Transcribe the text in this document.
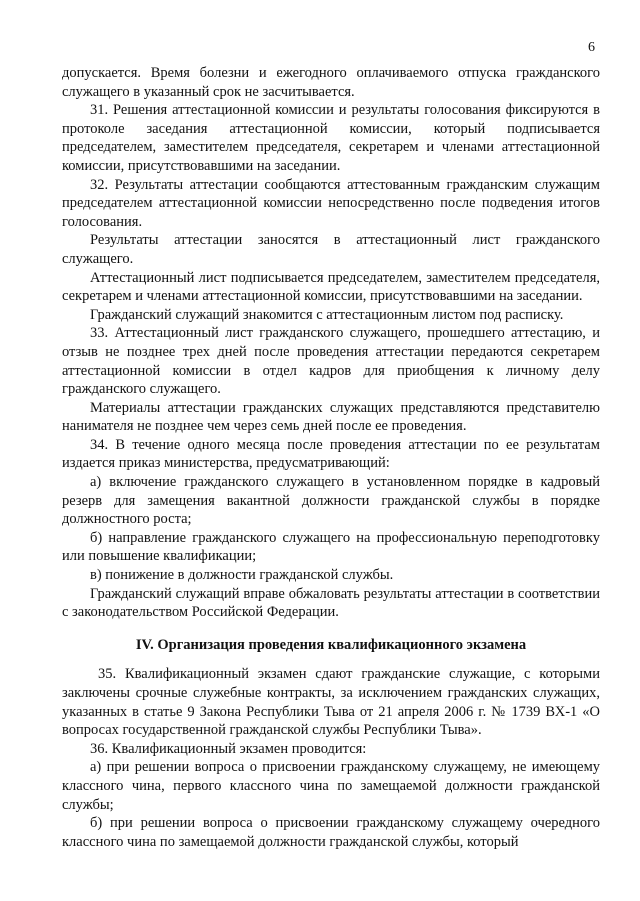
6

допускается. Время болезни и ежегодного оплачиваемого отпуска гражданского служащего в указанный срок не засчитывается.

31. Решения аттестационной комиссии и результаты голосования фиксируются в протоколе заседания аттестационной комиссии, который подписывается председателем, заместителем председателя, секретарем и членами аттестационной комиссии, присутствовавшими на заседании.

32. Результаты аттестации сообщаются аттестованным гражданским служащим председателем аттестационной комиссии непосредственно после подведения итогов голосования.

Результаты аттестации заносятся в аттестационный лист гражданского служащего.

Аттестационный лист подписывается председателем, заместителем председателя, секретарем и членами аттестационной комиссии, присутствовавшими на заседании.

Гражданский служащий знакомится с аттестационным листом под расписку.

33. Аттестационный лист гражданского служащего, прошедшего аттестацию, и отзыв не позднее трех дней после проведения аттестации передаются секретарем аттестационной комиссии в отдел кадров для приобщения к личному делу гражданского служащего.

Материалы аттестации гражданских служащих представляются представителю нанимателя не позднее чем через семь дней после ее проведения.

34. В течение одного месяца после проведения аттестации по ее результатам издается приказ министерства, предусматривающий:

а) включение гражданского служащего в установленном порядке в кадровый резерв для замещения вакантной должности гражданской службы в порядке должностного роста;

б) направление гражданского служащего на профессиональную переподготовку или повышение квалификации;

в) понижение в должности гражданской службы.

Гражданский служащий вправе обжаловать результаты аттестации в соответствии с законодательством Российской Федерации.

IV. Организация проведения квалификационного экзамена

35. Квалификационный экзамен сдают гражданские служащие, с которыми заключены срочные служебные контракты, за исключением гражданских служащих, указанных в статье 9 Закона Республики Тыва от 21 апреля 2006 г. № 1739 ВХ-1 «О вопросах государственной гражданской службы Республики Тыва».

36. Квалификационный экзамен проводится:

а) при решении вопроса о присвоении гражданскому служащему, не имеющему классного чина, первого классного чина по замещаемой должности гражданской службы;

б) при решении вопроса о присвоении гражданскому служащему очередного классного чина по замещаемой должности гражданской службы, который
